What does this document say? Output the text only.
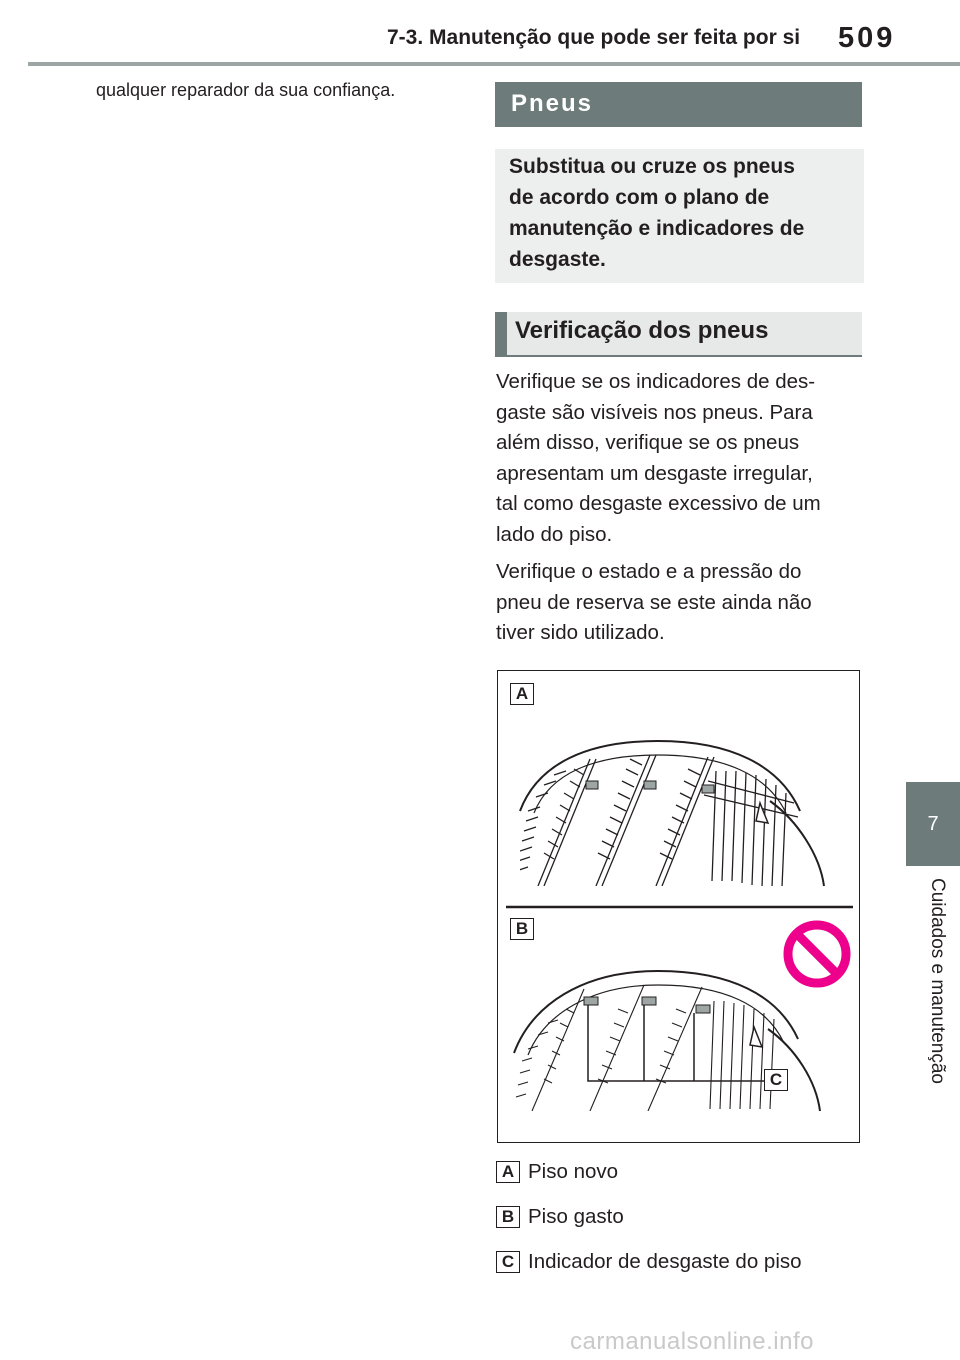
7-3. Manutenção que pode ser feita por si 509
7
Cuidados e manutenção
qualquer reparador da sua confiança.	Pneus
Substitua ou cruze os pneus
de acordo com o plano de
manutenção e indicadores de
desgaste.
Verificação dos pneus
Verifique se os indicadores de des-
gaste são visíveis nos pneus. Para
além disso, verifique se os pneus
apresentam um desgaste irregular,
tal como desgaste excessivo de um
lado do piso.
Verifique o estado e a pressão do
pneu de reserva se este ainda não
tiver sido utilizado.
A
B
C
A Piso novo
B Piso gasto
C Indicador de desgaste do piso
carmanualsonline.info
